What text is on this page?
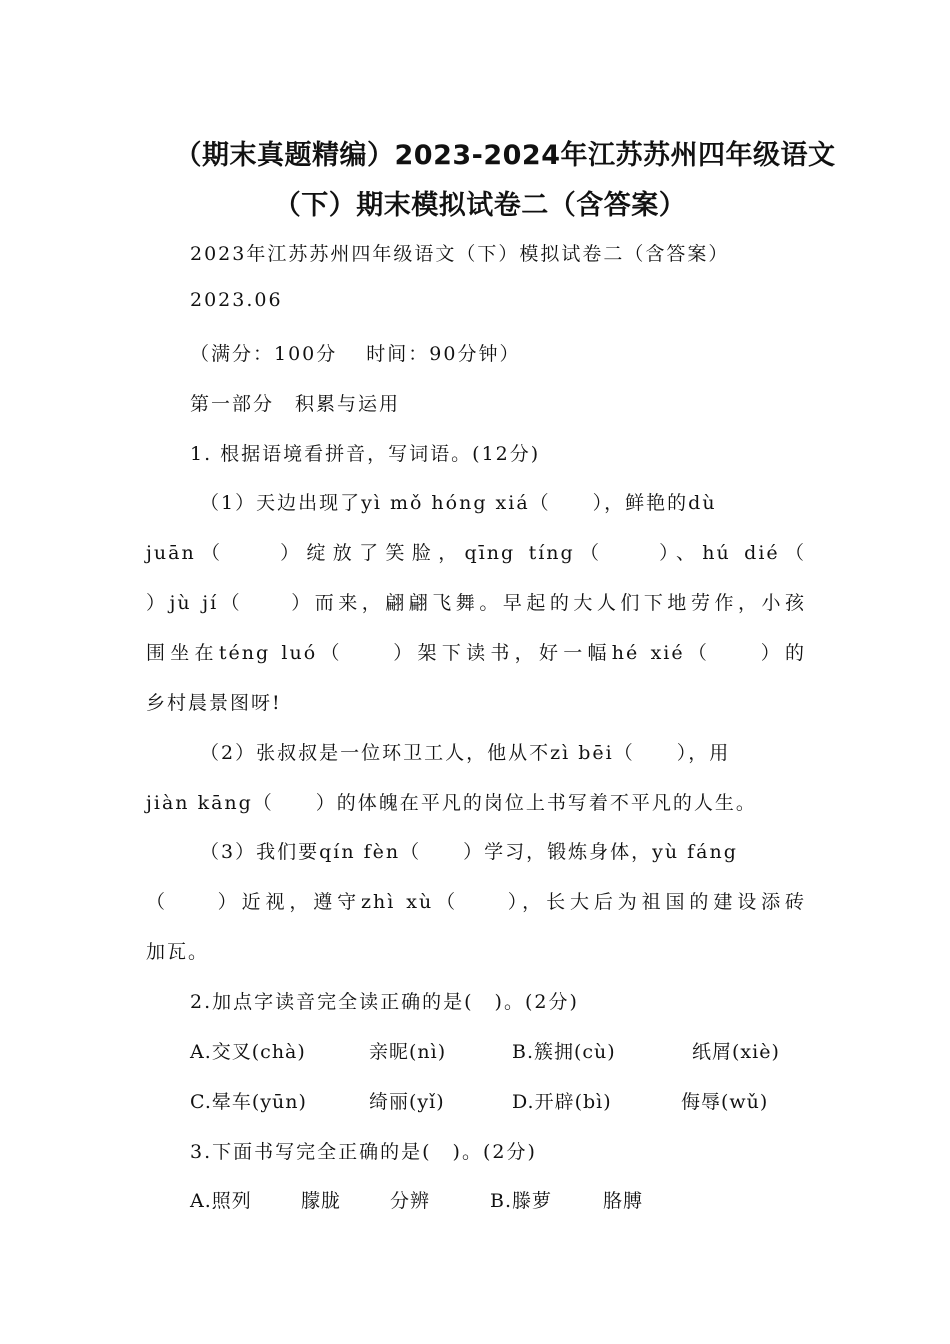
（期末真题精编）2023-2024年江苏苏州四年级语文
（下）期末模拟试卷二（含答案）
2023年江苏苏州四年级语文（下）模拟试卷二（含答案）
2023.06
（满分：100分　 时间：90分钟）
第一部分　积累与运用
1. 根据语境看拼音，写词语。(12分)
（1）天边出现了yì mǒ hóng xiá（　　），鲜艳的dù
juān（　　）绽放了笑脸，qīng tíng（　　）、hú dié（
）jù jí（　　）而来，翩翩飞舞。早起的大人们下地劳作，小孩
围坐在téng luó（　　）架下读书，好一幅hé xié（　　）的
乡村晨景图呀!
（2）张叔叔是一位环卫工人，他从不zì bēi（　　），用
jiàn kāng（　　）的体魄在平凡的岗位上书写着不平凡的人生。
（3）我们要qín fèn（　　）学习，锻炼身体，yù fáng
（　　）近视，遵守zhì xù（　　），长大后为祖国的建设添砖
加瓦。
2.加点字读音完全读正确的是(　)。(2分)
A.交叉(chà)	亲昵(nì)	B.簇拥(cù)	纸屑(xiè)
C.晕车(yūn)	绮丽(yǐ)	D.开辟(bì)	侮辱(wǔ)
3.下面书写完全正确的是(　)。(2分)
A.照列	朦胧	分辨	B.滕萝	胳膊
